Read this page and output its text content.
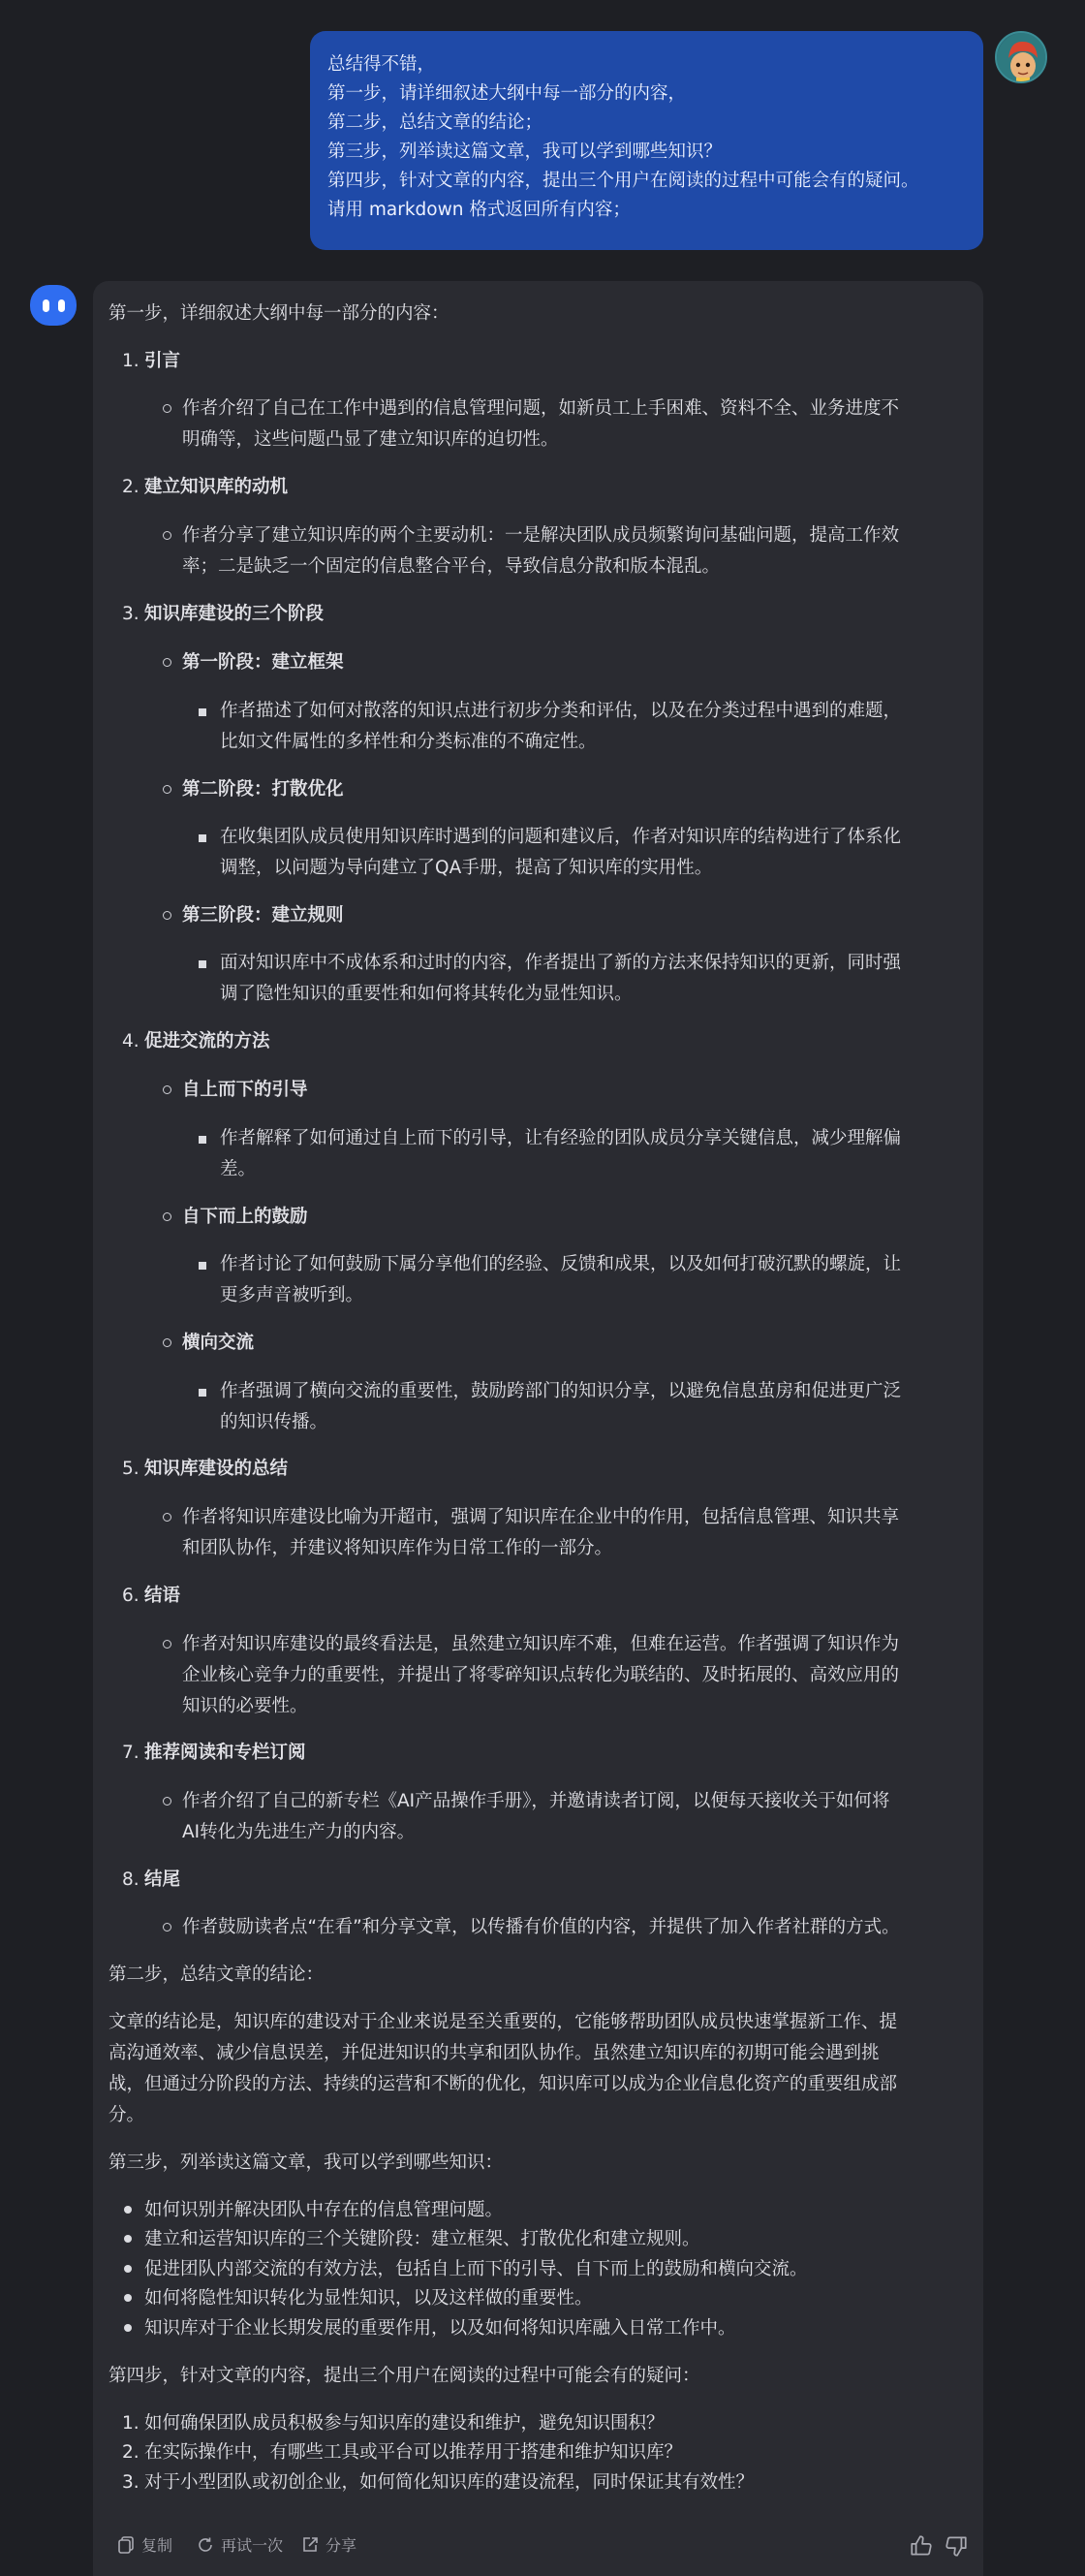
总结得不错，
第一步，请详细叙述大纲中每一部分的内容，
第二步，总结文章的结论；
第三步，列举读这篇文章，我可以学到哪些知识？
第四步，针对文章的内容，提出三个用户在阅读的过程中可能会有的疑问。
请用 markdown 格式返回所有内容；
第一步，详细叙述大纲中每一部分的内容：
1. 引言
作者介绍了自己在工作中遇到的信息管理问题，如新员工上手困难、资料不全、业务进度不
明确等，这些问题凸显了建立知识库的迫切性。
2. 建立知识库的动机
作者分享了建立知识库的两个主要动机：一是解决团队成员频繁询问基础问题，提高工作效
率；二是缺乏一个固定的信息整合平台，导致信息分散和版本混乱。
3. 知识库建设的三个阶段
第一阶段：建立框架
作者描述了如何对散落的知识点进行初步分类和评估，以及在分类过程中遇到的难题，
比如文件属性的多样性和分类标准的不确定性。
第二阶段：打散优化
在收集团队成员使用知识库时遇到的问题和建议后，作者对知识库的结构进行了体系化
调整，以问题为导向建立了QA手册，提高了知识库的实用性。
第三阶段：建立规则
面对知识库中不成体系和过时的内容，作者提出了新的方法来保持知识的更新，同时强
调了隐性知识的重要性和如何将其转化为显性知识。
4. 促进交流的方法
自上而下的引导
作者解释了如何通过自上而下的引导，让有经验的团队成员分享关键信息，减少理解偏
差。
自下而上的鼓励
作者讨论了如何鼓励下属分享他们的经验、反馈和成果，以及如何打破沉默的螺旋，让
更多声音被听到。
横向交流
作者强调了横向交流的重要性，鼓励跨部门的知识分享，以避免信息茧房和促进更广泛
的知识传播。
5. 知识库建设的总结
作者将知识库建设比喻为开超市，强调了知识库在企业中的作用，包括信息管理、知识共享
和团队协作，并建议将知识库作为日常工作的一部分。
6. 结语
作者对知识库建设的最终看法是，虽然建立知识库不难，但难在运营。作者强调了知识作为
企业核心竞争力的重要性，并提出了将零碎知识点转化为联结的、及时拓展的、高效应用的
知识的必要性。
7. 推荐阅读和专栏订阅
作者介绍了自己的新专栏《AI产品操作手册》，并邀请读者订阅，以便每天接收关于如何将
AI转化为先进生产力的内容。
8. 结尾
作者鼓励读者点“在看”和分享文章，以传播有价值的内容，并提供了加入作者社群的方式。
第二步，总结文章的结论：
文章的结论是，知识库的建设对于企业来说是至关重要的，它能够帮助团队成员快速掌握新工作、提
高沟通效率、减少信息误差，并促进知识的共享和团队协作。虽然建立知识库的初期可能会遇到挑
战，但通过分阶段的方法、持续的运营和不断的优化，知识库可以成为企业信息化资产的重要组成部
分。
第三步，列举读这篇文章，我可以学到哪些知识：
如何识别并解决团队中存在的信息管理问题。
建立和运营知识库的三个关键阶段：建立框架、打散优化和建立规则。
促进团队内部交流的有效方法，包括自上而下的引导、自下而上的鼓励和横向交流。
如何将隐性知识转化为显性知识，以及这样做的重要性。
知识库对于企业长期发展的重要作用，以及如何将知识库融入日常工作中。
第四步，针对文章的内容，提出三个用户在阅读的过程中可能会有的疑问：
1. 如何确保团队成员积极参与知识库的建设和维护，避免知识围积？
2. 在实际操作中，有哪些工具或平台可以推荐用于搭建和维护知识库？
3. 对于小型团队或初创企业，如何简化知识库的建设流程，同时保证其有效性？
复制	再试一次	分享
